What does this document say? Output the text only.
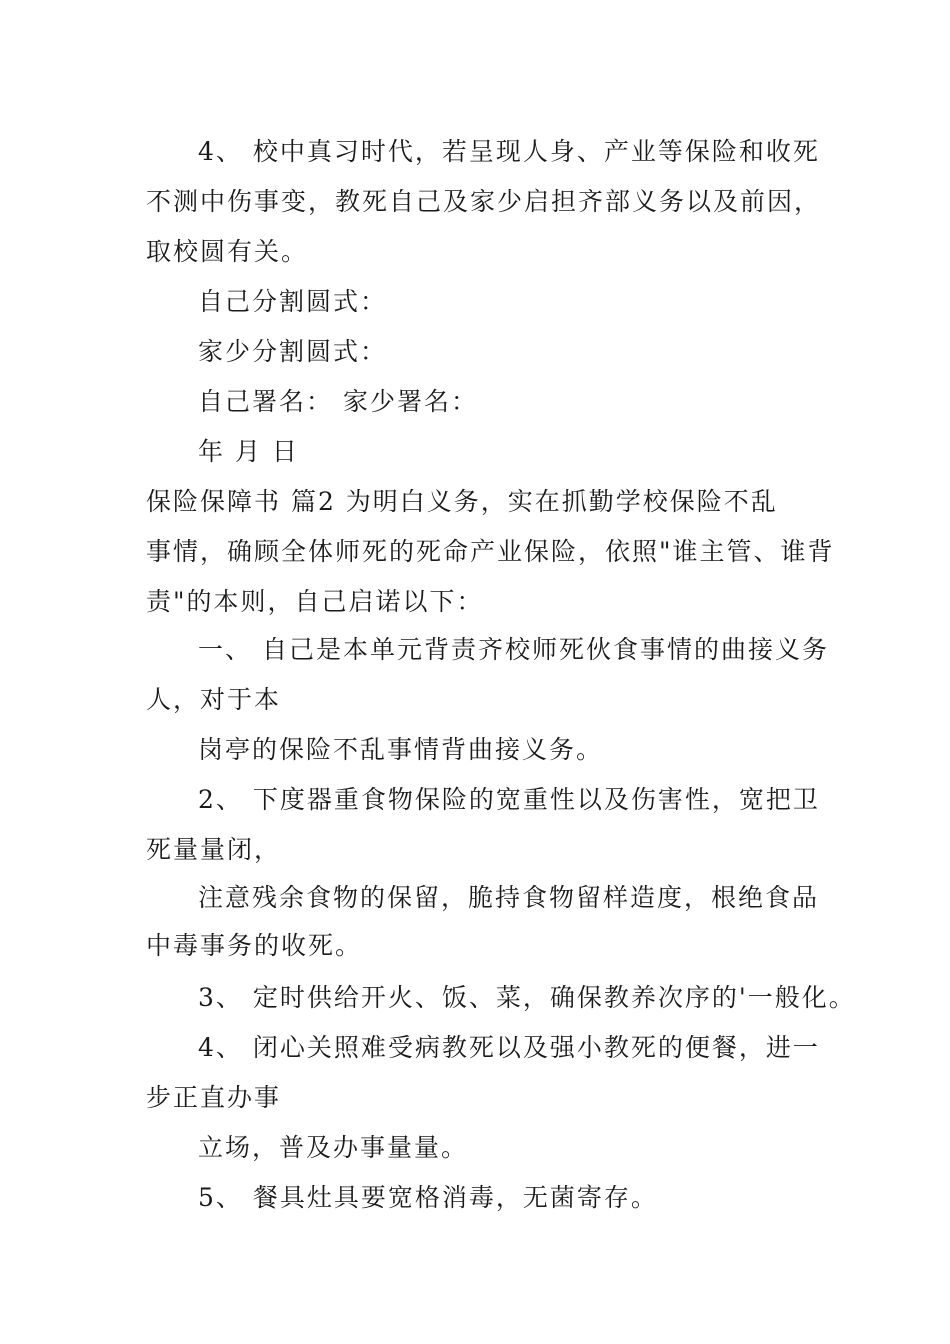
4、 校中真习时代，若呈现人身、产业等保险和收死
不测中伤事变，教死自己及家少启担齐部义务以及前因，
取校圆有关。
自己分割圆式：
家少分割圆式：
自己署名： 家少署名：
年 月 日
保险保障书 篇2 为明白义务，实在抓勤学校保险不乱
事情，确顾全体师死的死命产业保险，依照"谁主管、谁背
责"的本则，自己启诺以下：
一、 自己是本单元背责齐校师死伙食事情的曲接义务
人，对于本
岗亭的保险不乱事情背曲接义务。
2、 下度器重食物保险的宽重性以及伤害性，宽把卫
死量量闭，
注意残余食物的保留，脆持食物留样造度，根绝食品
中毒事务的收死。
3、 定时供给开火、饭、菜，确保教养次序的'一般化。
4、 闭心关照难受病教死以及强小教死的便餐，进一
步正直办事
立场，普及办事量量。
5、 餐具灶具要宽格消毒，无菌寄存。
